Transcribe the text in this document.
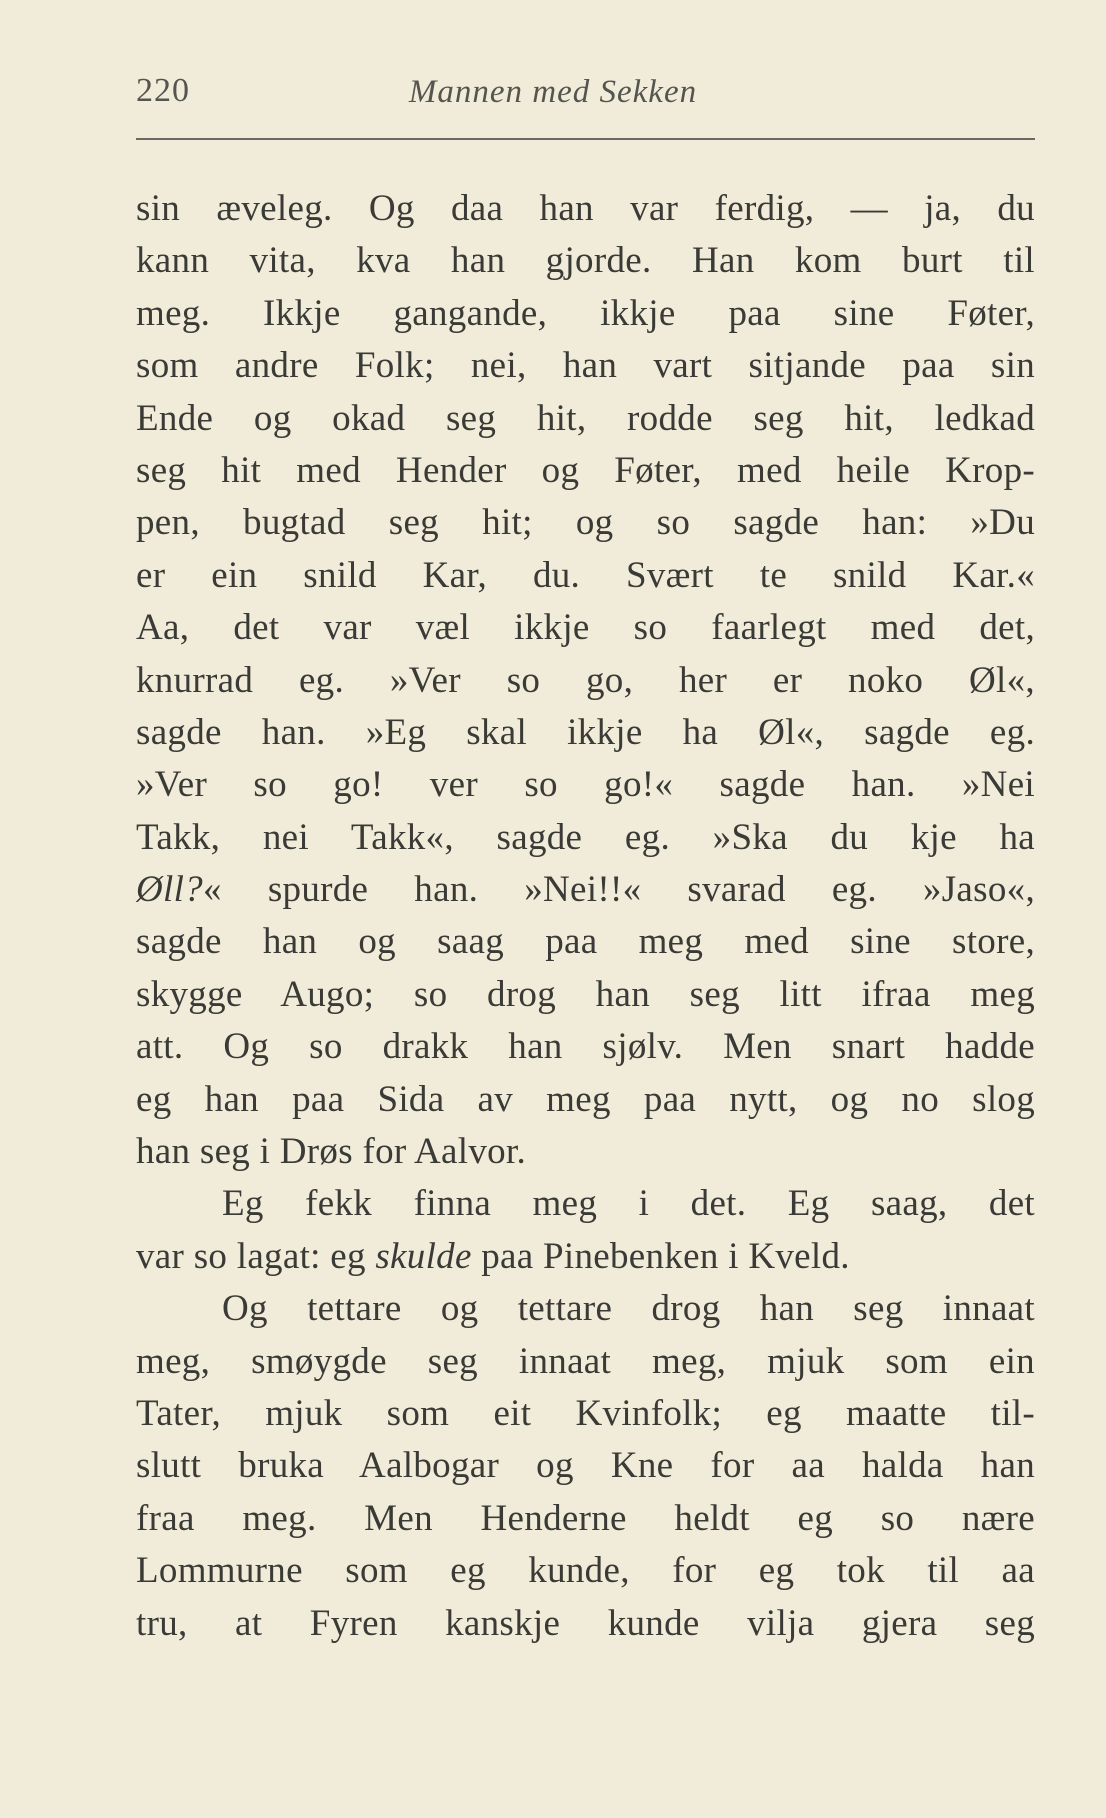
220	Mannen med Sekken
sin æveleg. Og daa han var ferdig, — ja, du
kann vita, kva han gjorde. Han kom burt til
meg. Ikkje gangande, ikkje paa sine Føter,
som andre Folk; nei, han vart sitjande paa sin
Ende og okad seg hit, rodde seg hit, ledkad
seg hit med Hender og Føter, med heile Krop-
pen, bugtad seg hit; og so sagde han: »Du
er ein snild Kar, du. Svært te snild Kar.«
Aa, det var væl ikkje so faarlegt med det,
knurrad eg. »Ver so go, her er noko Øl«,
sagde han. »Eg skal ikkje ha Øl«, sagde eg.
»Ver so go! ver so go!« sagde han. »Nei
Takk, nei Takk«, sagde eg. »Ska du kje ha
Øll?« spurde han. »Nei!!« svarad eg. »Jaso«,
sagde han og saag paa meg med sine store,
skygge Augo; so drog han seg litt ifraa meg
att. Og so drakk han sjølv. Men snart hadde
eg han paa Sida av meg paa nytt, og no slog
han seg i Drøs for Aalvor.
Eg fekk finna meg i det. Eg saag, det
var so lagat: eg skulde paa Pinebenken i Kveld.
Og tettare og tettare drog han seg innaat
meg, smøygde seg innaat meg, mjuk som ein
Tater, mjuk som eit Kvinfolk; eg maatte til-
slutt bruka Aalbogar og Kne for aa halda han
fraa meg. Men Henderne heldt eg so nære
Lommurne som eg kunde, for eg tok til aa
tru, at Fyren kanskje kunde vilja gjera seg
